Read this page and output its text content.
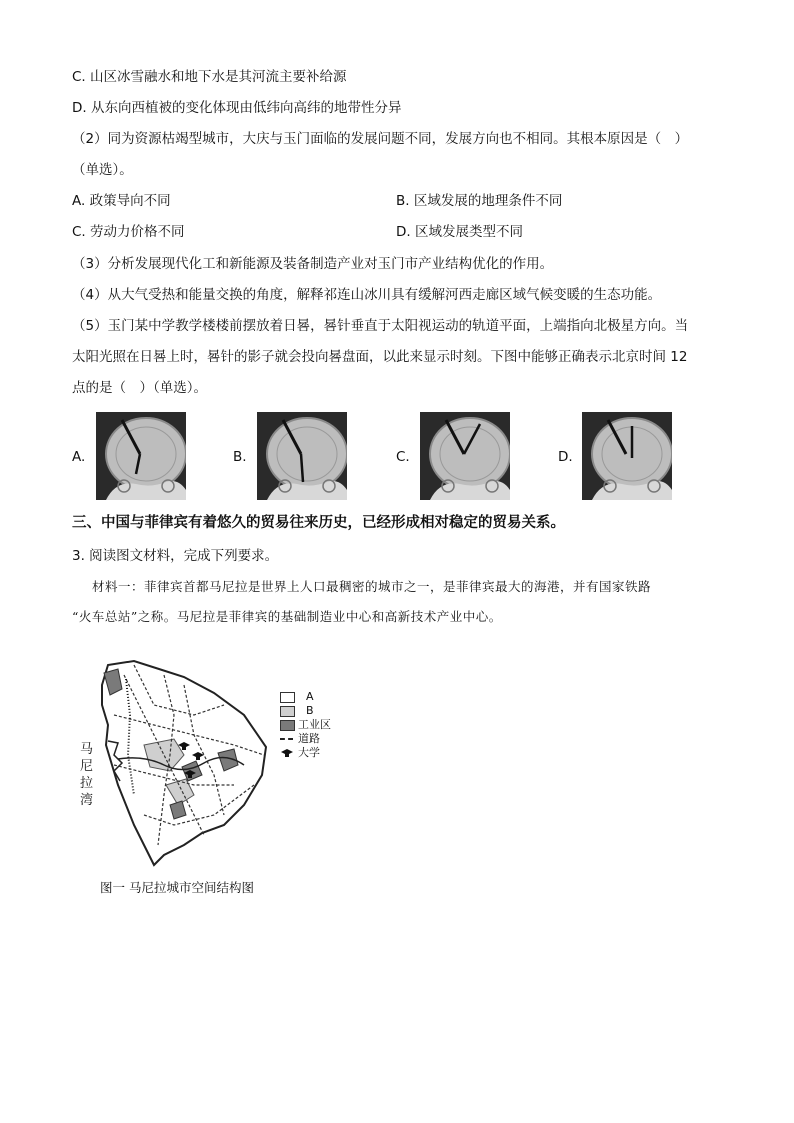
C. 山区冰雪融水和地下水是其河流主要补给源
D. 从东向西植被的变化体现由低纬向高纬的地带性分异
（2）同为资源枯竭型城市，大庆与玉门面临的发展问题不同，发展方向也不相同。其根本原因是（　）
（单选）。
A. 政策导向不同	B. 区域发展的地理条件不同
C. 劳动力价格不同	D. 区域发展类型不同
（3）分析发展现代化工和新能源及装备制造产业对玉门市产业结构优化的作用。
（4）从大气受热和能量交换的角度，解释祁连山冰川具有缓解河西走廊区域气候变暖的生态功能。
（5）玉门某中学教学楼楼前摆放着日晷，晷针垂直于太阳视运动的轨道平面，上端指向北极星方向。当
太阳光照在日晷上时，晷针的影子就会投向晷盘面，以此来显示时刻。下图中能够正确表示北京时间 12
点的是（　）（单选）。
A.	B.	C.	D.
三、中国与菲律宾有着悠久的贸易往来历史，已经形成相对稳定的贸易关系。
3. 阅读图文材料，完成下列要求。
材料一：菲律宾首都马尼拉是世界上人口最稠密的城市之一，是菲律宾最大的海港，并有国家铁路
“火车总站”之称。马尼拉是菲律宾的基础制造业中心和高新技术产业中心。
马
尼
拉
湾
A
B
工业区
道路
大学
图一 马尼拉城市空间结构图
